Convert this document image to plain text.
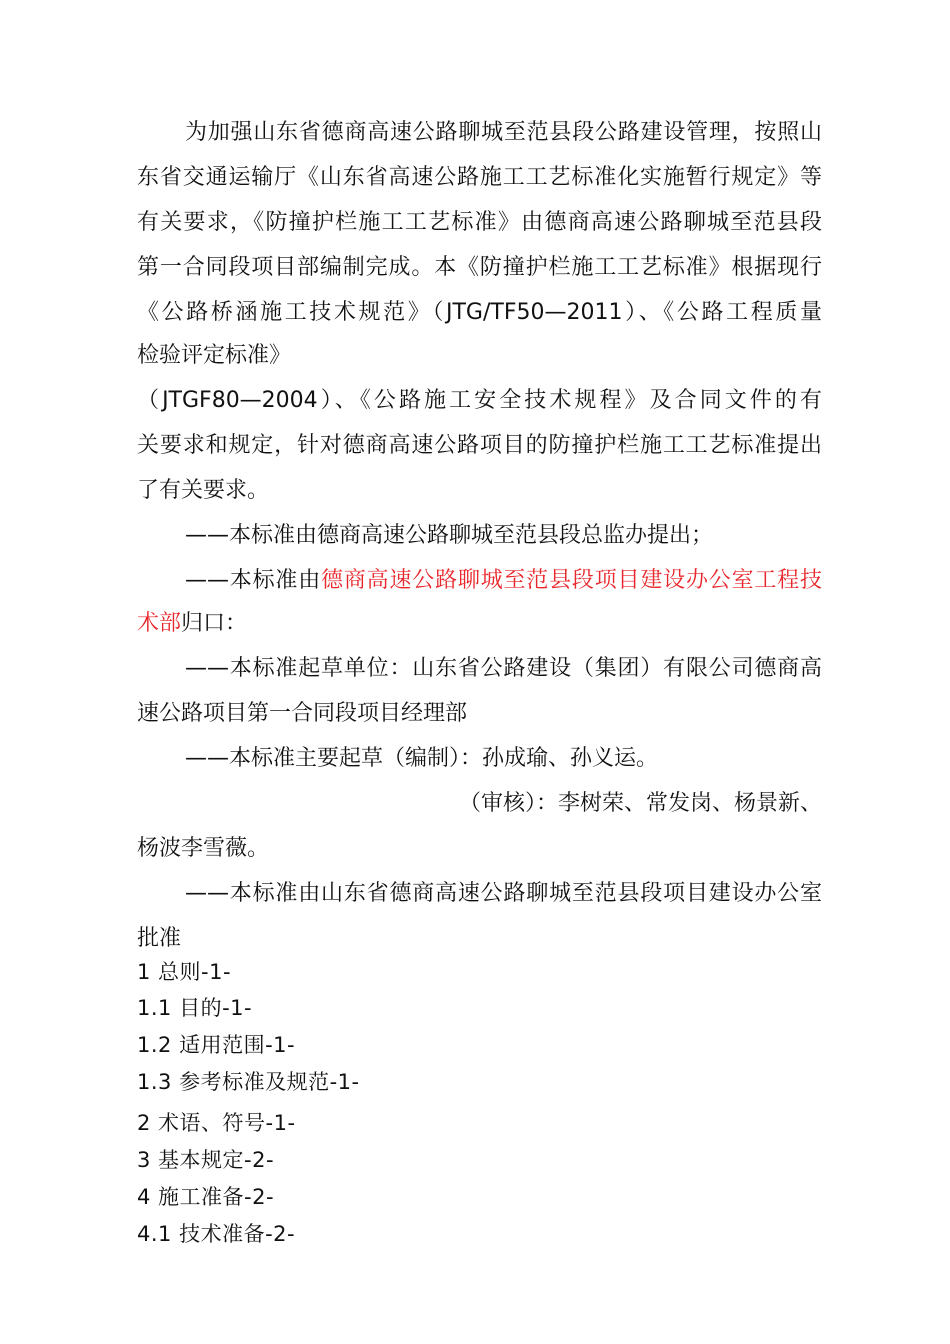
为加强山东省德商高速公路聊城至范县段公路建设管理，按照山
东省交通运输厅《山东省高速公路施工工艺标准化实施暂行规定》等
有关要求，《防撞护栏施工工艺标准》由德商高速公路聊城至范县段
第一合同段项目部编制完成。本《防撞护栏施工工艺标准》根据现行
《公路桥涵施工技术规范》（JTG/TF50—2011）、《公路工程质量
检验评定标准》
（JTGF80—2004）、《公路施工安全技术规程》及合同文件的有
关要求和规定，针对德商高速公路项目的防撞护栏施工工艺标准提出
了有关要求。
——本标准由德商高速公路聊城至范县段总监办提出；
——本标准由德商高速公路聊城至范县段项目建设办公室工程技
术部归口：
——本标准起草单位：山东省公路建设（集团）有限公司德商高
速公路项目第一合同段项目经理部
——本标准主要起草（编制）：孙成瑜、孙义运。
（审核）：李树荣、常发岗、杨景新、
杨波李雪薇。
——本标准由山东省德商高速公路聊城至范县段项目建设办公室
批准
1 总则-1-
1.1 目的-1-
1.2 适用范围-1-
1.3 参考标准及规范-1-
2 术语、符号-1-
3 基本规定-2-
4 施工准备-2-
4.1 技术准备-2-
